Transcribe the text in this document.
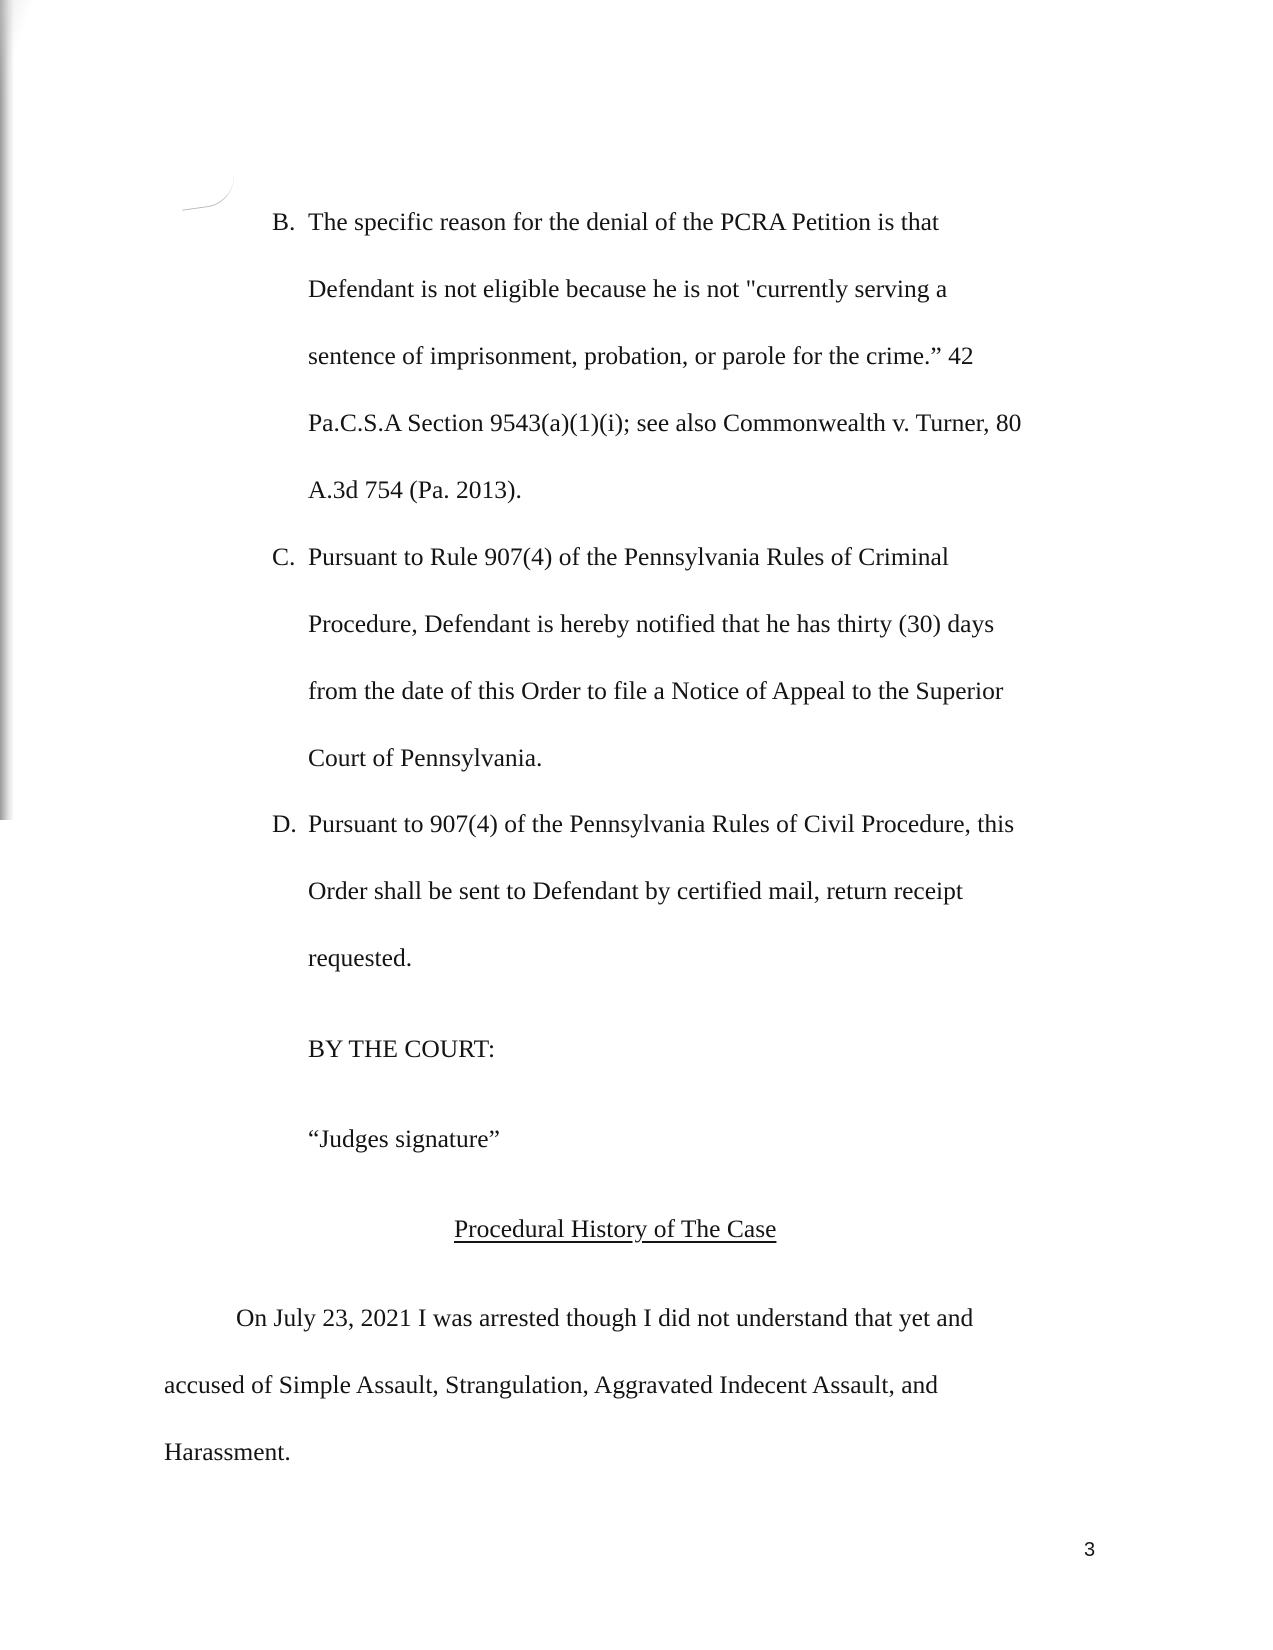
B. The specific reason for the denial of the PCRA Petition is that
Defendant is not eligible because he is not "currently serving a
sentence of imprisonment, probation, or parole for the crime.” 42
Pa.C.S.A Section 9543(a)(1)(i); see also Commonwealth v. Turner, 80
A.3d 754 (Pa. 2013).
C. Pursuant to Rule 907(4) of the Pennsylvania Rules of Criminal
Procedure, Defendant is hereby notified that he has thirty (30) days
from the date of this Order to file a Notice of Appeal to the Superior
Court of Pennsylvania.
D. Pursuant to 907(4) of the Pennsylvania Rules of Civil Procedure, this
Order shall be sent to Defendant by certified mail, return receipt
requested.
BY THE COURT:
“Judges signature”
Procedural History of The Case
On July 23, 2021 I was arrested though I did not understand that yet and
accused of Simple Assault, Strangulation, Aggravated Indecent Assault, and
Harassment.
3
